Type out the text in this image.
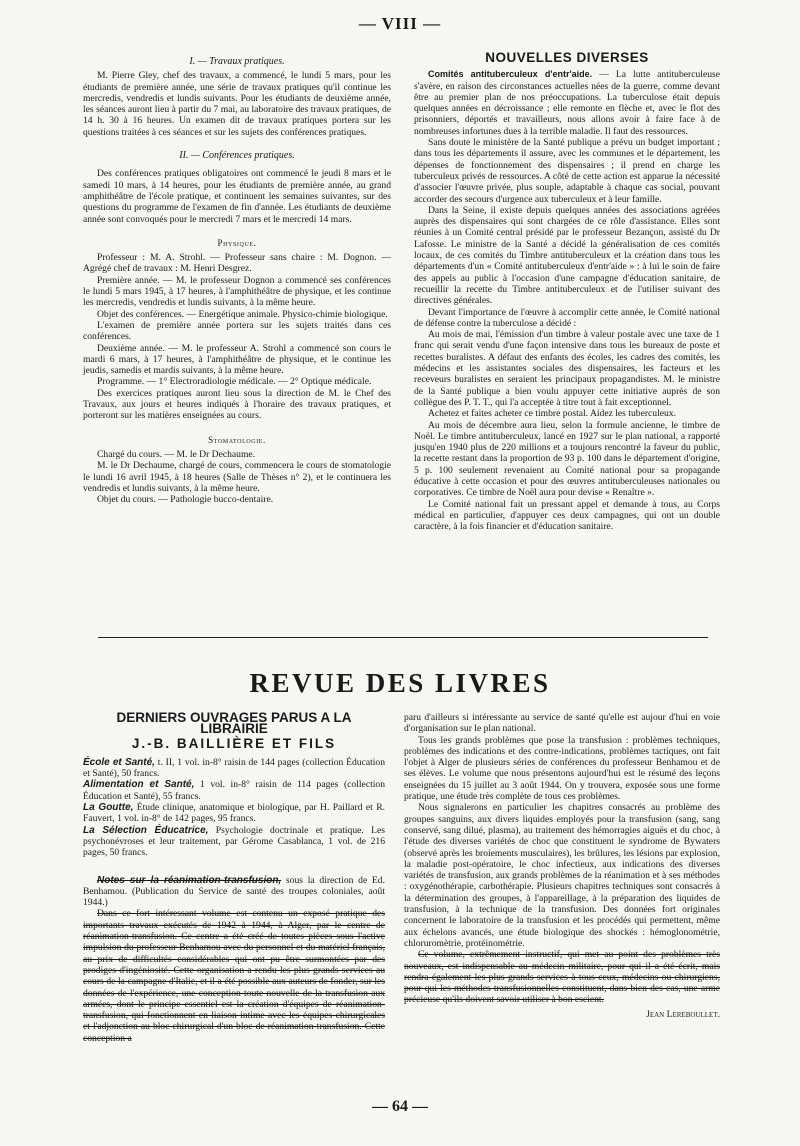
— VIII —
I. — Travaux pratiques.

M. Pierre Gley, chef des travaux, a commencé, le lundi 5 mars, pour les étudiants de première année, une série de travaux pratiques qu'il continue les mercredis, vendredis et lundis suivants. Pour les étudiants de deuxième année, les séances auront lieu à partir du 7 mai, au laboratoire des travaux pratiques, de 14 h. 30 à 16 heures. Un examen dit de travaux pratiques portera sur les questions traitées à ces séances et sur les sujets des conférences pratiques.

II. — Conférences pratiques.

Des conférences pratiques obligatoires ont commencé le jeudi 8 mars et le samedi 10 mars, à 14 heures, pour les étudiants de première année, au grand amphithéâtre de l'école pratique, et continuent les semaines suivantes, sur des questions du programme de l'examen de fin d'année. Les étudiants de deuxième année sont convoqués pour le mercredi 7 mars et le mercredi 14 mars.

Physique.

Professeur : M. A. Strohl. — Professeur sans chaire : M. Dognon. — Agrégé chef de travaux : M. Henri Desgrez.

Première année. — M. le professeur Dognon a commencé ses conférences le lundi 5 mars 1945, à 17 heures, à l'amphithéâtre de physique, et les continue les mercredis, vendredis et lundis suivants, à la même heure.

Objet des conférences. — Energétique animale. Physico-chimie biologique.

L'examen de première année portera sur les sujets traités dans ces conférences.

Deuxième année. — M. le professeur A. Strohl a commencé son cours le mardi 6 mars, à 17 heures, à l'amphithéâtre de physique, et le continue les jeudis, samedis et mardis suivants, à la même heure.

Programme. — 1° Electroradiologie médicale. — 2° Optique médicale.

Des exercices pratiques auront lieu sous la direction de M. le Chef des Travaux, aux jours et heures indiqués à l'horaire des travaux pratiques, et porteront sur les matières enseignées au cours.

Stomatologie.

Chargé du cours. — M. le Dr Dechaume.

M. le Dr Dechaume, chargé de cours, commencera le cours de stomatologie le lundi 16 avril 1945, à 18 heures (Salle de Thèses n° 2), et le continuera les vendredis et lundis suivants, à la même heure.

Objet du cours. — Pathologie bucco-dentaire.

NOUVELLES DIVERSES

Comités antituberculeux d'entr'aide. — La lutte antituberculeuse s'avère, en raison des circonstances actuelles nées de la guerre, comme devant être au premier plan de nos préoccupations. La tuberculose était depuis quelques années en décroissance ; elle remonte en flèche et, avec le flot des prisonniers, déportés et travailleurs, nous allons avoir à faire face à de nombreuses infortunes dues à la terrible maladie. Il faut des ressources.

Sans doute le ministère de la Santé publique a prévu un budget important ; dans tous les départements il assure, avec les communes et le département, les dépenses de fonctionnement des dispensaires ; il prend en charge les tuberculeux privés de ressources. A côté de cette action est apparue la nécessité d'associer l'œuvre privée, plus souple, adaptable à chaque cas social, pouvant accorder des secours d'urgence aux tuberculeux et à leur famille.

Dans la Seine, il existe depuis quelques années des associations agréées auprès des dispensaires qui sont chargées de ce rôle d'assistance. Elles sont réunies à un Comité central présidé par le professeur Bezançon, assisté du Dr Lafosse. Le ministre de la Santé a décidé la généralisation de ces comités locaux, de ces comités du Timbre antituberculeux et la création dans tous les départements d'un « Comité antituberculeux d'entr'aide » : à lui le soin de faire des appels au public à l'occasion d'une campagne d'éducation sanitaire, de recueillir la recette du Timbre antituberculeux et de l'utiliser suivant des directives générales.

Devant l'importance de l'œuvre à accomplir cette année, le Comité national de défense contre la tuberculose a décidé :

Au mois de mai, l'émission d'un timbre à valeur postale avec une taxe de 1 franc qui serait vendu d'une façon intensive dans tous les bureaux de poste et recettes buralistes. A défaut des enfants des écoles, les cadres des comités, les médecins et les assistantes sociales des dispensaires, les facteurs et les receveurs buralistes en seraient les principaux propagandistes. M. le ministre de la Santé publique a bien voulu appuyer cette initiative auprès de son collègue des P. T. T., qui l'a acceptée à titre tout à fait exceptionnel.

Achetez et faites acheter ce timbre postal. Aidez les tuberculeux.

Au mois de décembre aura lieu, selon la formule ancienne, le timbre de Noël. Le timbre antituberculeux, lancé en 1927 sur le plan national, a rapporté jusqu'en 1940 plus de 220 millions et a toujours rencontré la faveur du public, la recette restant dans la proportion de 93 p. 100 dans le département d'origine, 5 p. 100 seulement revenaient au Comité national pour sa propagande éducative à cette occasion et pour des œuvres antituberculeuses nationales ou corporatives. Ce timbre de Noël aura pour devise « Renaître ».

Le Comité national fait un pressant appel et demande à tous, au Corps médical en particulier, d'appuyer ces deux campagnes, qui ont un double caractère, à la fois financier et d'éducation sanitaire.

REVUE DES LIVRES
DERNIERS OUVRAGES PARUS A LA LIBRAIRIE
J.-B. BAILLIÈRE ET FILS

École et Santé, t. II, 1 vol. in-8° raisin de 144 pages (collection Éducation et Santé), 50 francs.

Alimentation et Santé, 1 vol. in-8° raisin de 114 pages (collection Éducation et Santé), 55 francs.

La Goutte, Étude clinique, anatomique et biologique, par H. Paillard et R. Fauvert, 1 vol. in-8° de 142 pages, 95 francs.

La Sélection Éducatrice, Psychologie doctrinale et pratique. Les psychonévroses et leur traitement, par Gérome Casablanca, 1 vol. de 216 pages, 50 francs.

Notes sur la réanimation-transfusion, sous la direction de Ed. Benhamou. (Publication du Service de santé des troupes coloniales, août 1944.)

Dans ce fort intéressant volume est contenu un exposé pratique des importants travaux exécutés de 1942 à 1944, à Alger, par le centre de réanimation-transfusion. Ce centre a été créé de toutes pièces sous l'active impulsion du professeur Benhamou avec du personnel et du matériel français, au prix de difficultés considérables qui ont pu être surmontées par des prodiges d'ingéniosité. Cette organisation a rendu les plus grands services au cours de la campagne d'Italie, et il a été possible aux auteurs de fonder, sur les données de l'expérience, une conception toute nouvelle de la transfusion aux armées, dont le principe essentiel est la création d'équipes de réanimation-transfusion, qui fonctionnent en liaison intime avec les équipes chirurgicales et l'adjonction au bloc chirurgical d'un bloc de réanimation-transfusion. Cette conception a

paru d'ailleurs si intéressante au service de santé qu'elle est aujour d'hui en voie d'organisation sur le plan national.

Tous les grands problèmes que pose la transfusion : problèmes techniques, problèmes des indications et des contre-indications, problèmes tactiques, ont fait l'objet à Alger de plusieurs séries de conférences du professeur Benhamou et de ses élèves. Le volume que nous présentons aujourd'hui est le résumé des leçons enseignées du 15 juillet au 3 août 1944. On y trouvera, exposée sous une forme pratique, une étude très complète de tous ces problèmes.

Nous signalerons en particulier les chapitres consacrés au problème des groupes sanguins, aux divers liquides employés pour la transfusion (sang, sang conservé, sang dilué, plasma), au traitement des hémorragies aiguës et du choc, à l'étude des diverses variétés de choc que constituent le syndrome de Bywaters (observé après les broiements musculaires), les brûlures, les lésions par explosion, la maladie post-opératoire, le choc infectieux, aux indications des diverses variétés de transfusion, aux grands problèmes de la réanimation et à ses méthodes : oxygénothérapie, carbothérapie. Plusieurs chapitres techniques sont consacrés à la détermination des groupes, à l'appareillage, à la préparation des liquides de transfusion, à la technique de la transfusion. Des données fort originales concernent le laboratoire de la transfusion et les procédés qui permettent, même aux échelons avancés, une étude biologique des shockés : hémoglonométrie, chloruromètrie, protéinométrie.

Ce volume, extrêmement instructif, qui met au point des problèmes très nouveaux, est indispensable au médecin militaire, pour qui il a été écrit, mais rendra également les plus grands services à tous ceux, médecins ou chirurgiens, pour qui les méthodes transfusionnelles constituent, dans bien des cas, une arme précieuse qu'ils doivent savoir utiliser à bon escient.

Jean Lereboullet.
— 64 —
